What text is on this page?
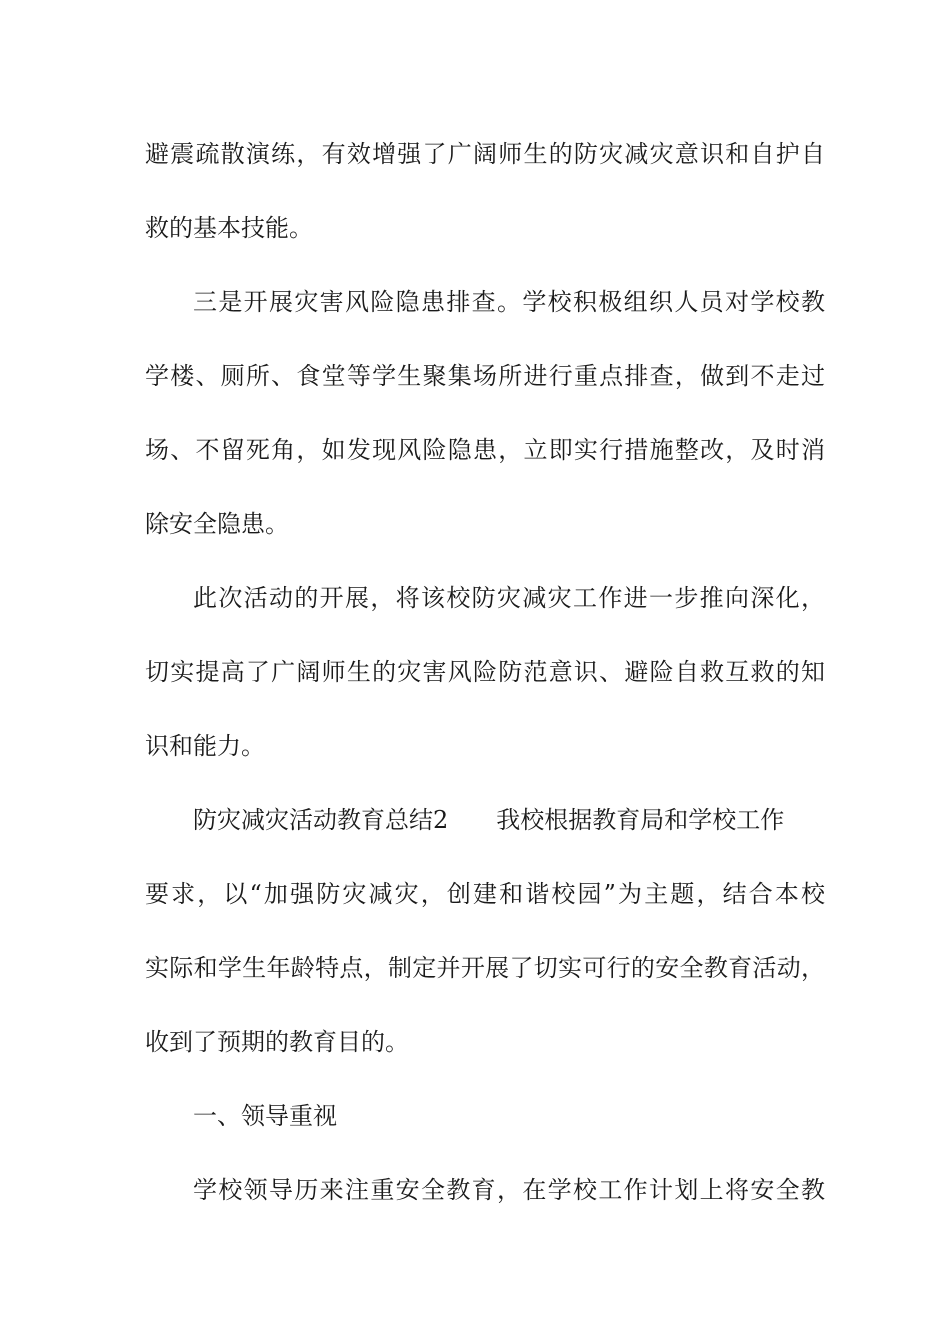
避震疏散演练，有效增强了广阔师生的防灾减灾意识和自护自
救的基本技能。
三是开展灾害风险隐患排查。学校积极组织人员对学校教
学楼、厕所、食堂等学生聚集场所进行重点排查，做到不走过
场、不留死角，如发现风险隐患，立即实行措施整改，及时消
除安全隐患。
此次活动的开展，将该校防灾减灾工作进一步推向深化，
切实提高了广阔师生的灾害风险防范意识、避险自救互救的知
识和能力。
防灾减灾活动教育总结2 我校根据教育局和学校工作
要求，以“加强防灾减灾，创建和谐校园”为主题，结合本校
实际和学生年龄特点，制定并开展了切实可行的安全教育活动，
收到了预期的教育目的。
一、领导重视
学校领导历来注重安全教育，在学校工作计划上将安全教
